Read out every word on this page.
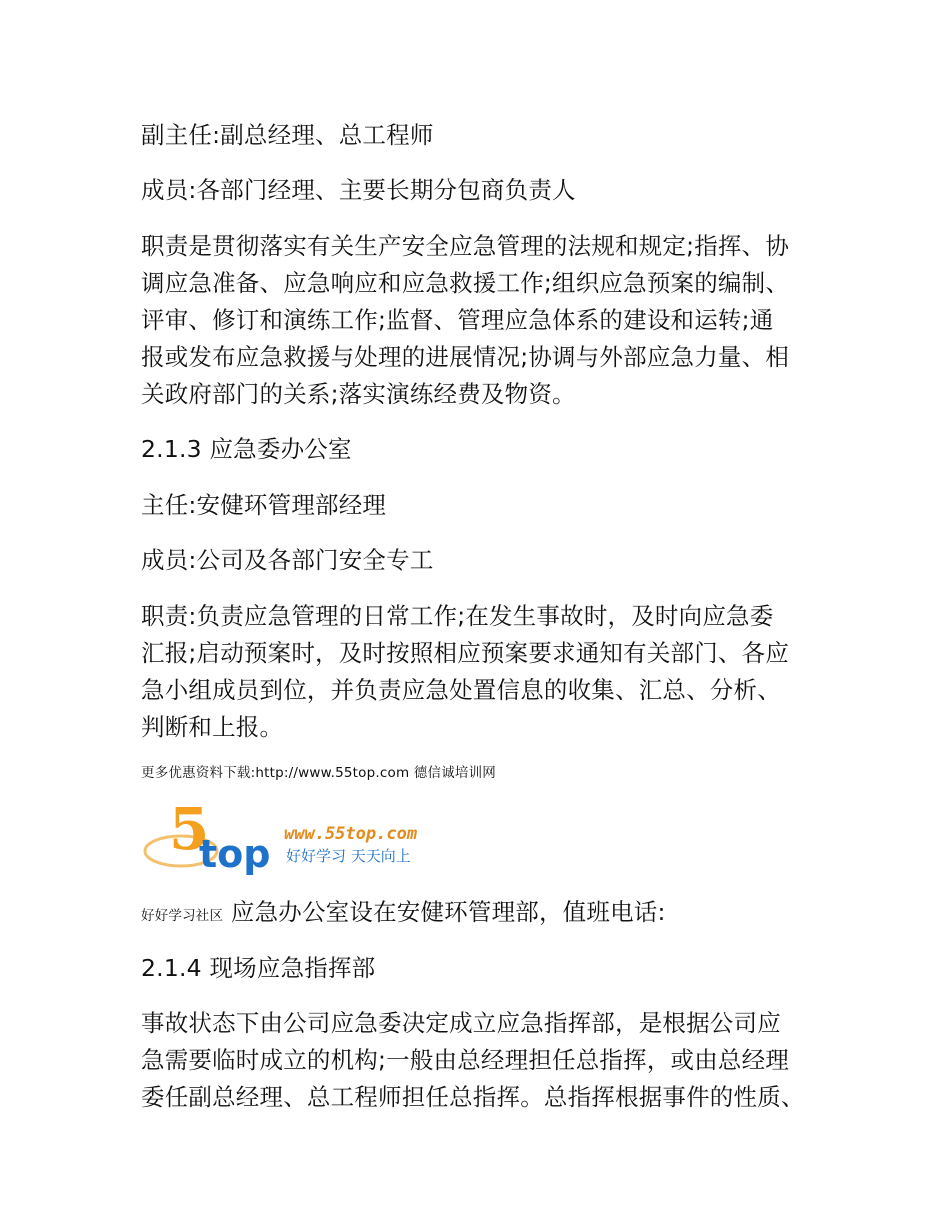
副主任:副总经理、总工程师

成员:各部门经理、主要长期分包商负责人

职责是贯彻落实有关生产安全应急管理的法规和规定;指挥、协

调应急准备、应急响应和应急救援工作;组织应急预案的编制、

评审、修订和演练工作;监督、管理应急体系的建设和运转;通

报或发布应急救援与处理的进展情况;协调与外部应急力量、相

关政府部门的关系;落实演练经费及物资。

2.1.3 应急委办公室

主任:安健环管理部经理

成员:公司及各部门安全专工

职责:负责应急管理的日常工作;在发生事故时，及时向应急委

汇报;启动预案时，及时按照相应预案要求通知有关部门、各应

急小组成员到位，并负责应急处置信息的收集、汇总、分析、

判断和上报。

更多优惠资料下载:http://www.55top.com 德信诚培训网

5
top www.55top.com
好好学习 天天向上

好好学习社区 应急办公室设在安健环管理部，值班电话:

2.1.4 现场应急指挥部

事故状态下由公司应急委决定成立应急指挥部，是根据公司应

急需要临时成立的机构;一般由总经理担任总指挥，或由总经理

委任副总经理、总工程师担任总指挥。总指挥根据事件的性质、
